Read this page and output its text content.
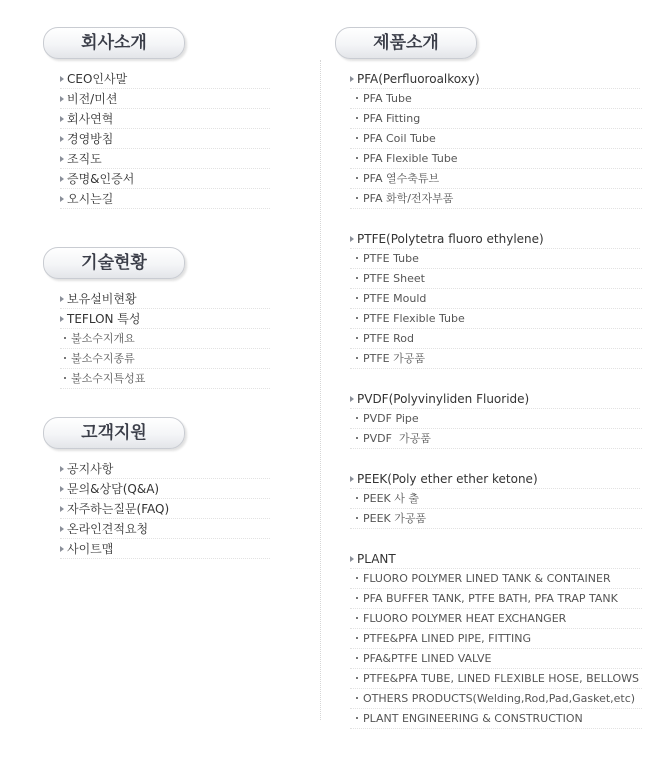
회사소개
기술현황
고객지원
제품소개
CEO인사말
비전/미션
회사연혁
경영방침
조직도
증명&인증서
오시는길
보유설비현황
TEFLON 특성
불소수지개요
불소수지종류
불소수지특성표
공지사항
문의&상담(Q&A)
자주하는질문(FAQ)
온라인견적요청
사이트맵
PFA(Perfluoroalkoxy)
PFA Tube
PFA Fitting
PFA Coil Tube
PFA Flexible Tube
PFA 열수축튜브
PFA 화학/전자부품
PTFE(Polytetra fluoro ethylene)
PTFE Tube
PTFE Sheet
PTFE Mould
PTFE Flexible Tube
PTFE Rod
PTFE 가공품
PVDF(Polyvinyliden Fluoride)
PVDF Pipe
PVDF  가공품
PEEK(Poly ether ether ketone)
PEEK 사 출
PEEK 가공품
PLANT
FLUORO POLYMER LINED TANK & CONTAINER
PFA BUFFER TANK, PTFE BATH, PFA TRAP TANK
FLUORO POLYMER HEAT EXCHANGER
PTFE&PFA LINED PIPE, FITTING
PFA&PTFE LINED VALVE
PTFE&PFA TUBE, LINED FLEXIBLE HOSE, BELLOWS
OTHERS PRODUCTS(Welding,Rod,Pad,Gasket,etc)
PLANT ENGINEERING & CONSTRUCTION
